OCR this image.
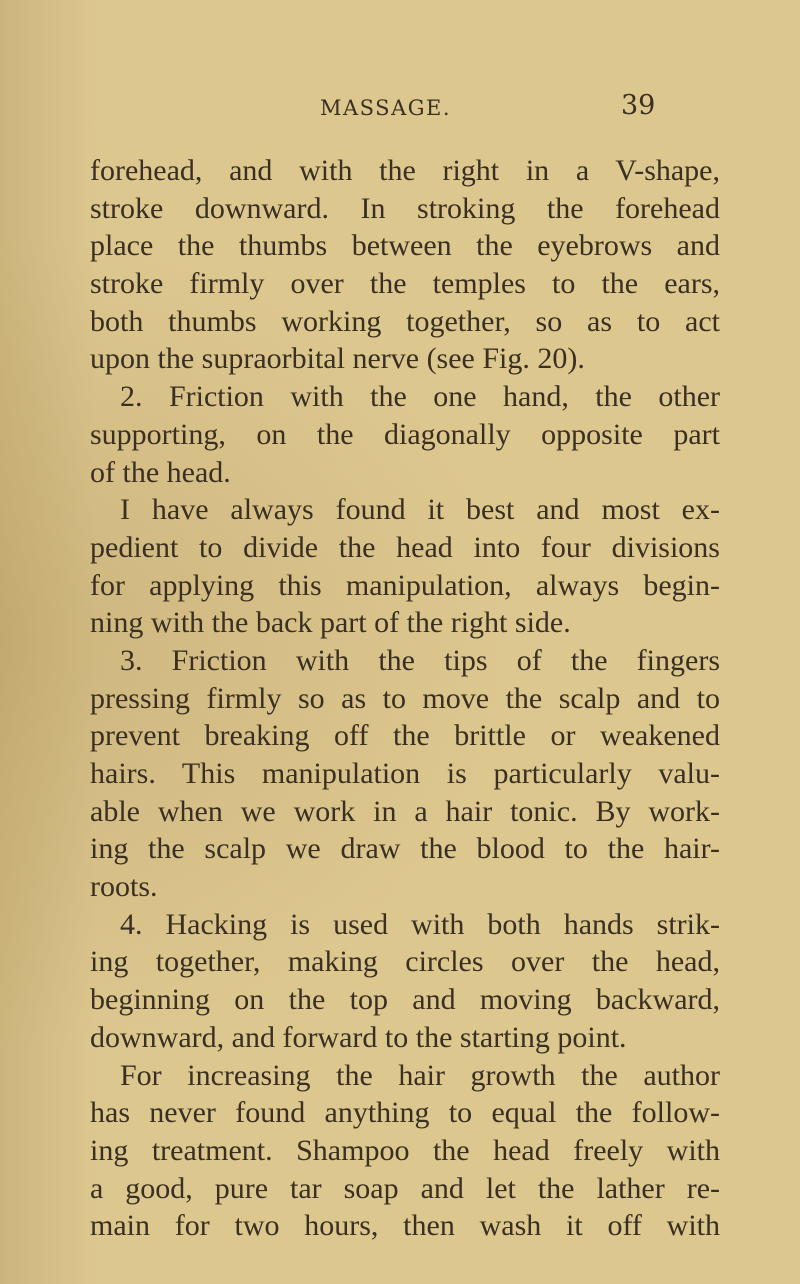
MASSAGE.	39
forehead, and with the right in a V-shape,
stroke downward. In stroking the forehead
place the thumbs between the eyebrows and
stroke firmly over the temples to the ears,
both thumbs working together, so as to act
upon the supraorbital nerve (see Fig. 20).
2. Friction with the one hand, the other
supporting, on the diagonally opposite part
of the head.
I have always found it best and most ex-
pedient to divide the head into four divisions
for applying this manipulation, always begin-
ning with the back part of the right side.
3. Friction with the tips of the fingers
pressing firmly so as to move the scalp and to
prevent breaking off the brittle or weakened
hairs. This manipulation is particularly valu-
able when we work in a hair tonic. By work-
ing the scalp we draw the blood to the hair-
roots.
4. Hacking is used with both hands strik-
ing together, making circles over the head,
beginning on the top and moving backward,
downward, and forward to the starting point.
For increasing the hair growth the author
has never found anything to equal the follow-
ing treatment. Shampoo the head freely with
a good, pure tar soap and let the lather re-
main for two hours, then wash it off with
